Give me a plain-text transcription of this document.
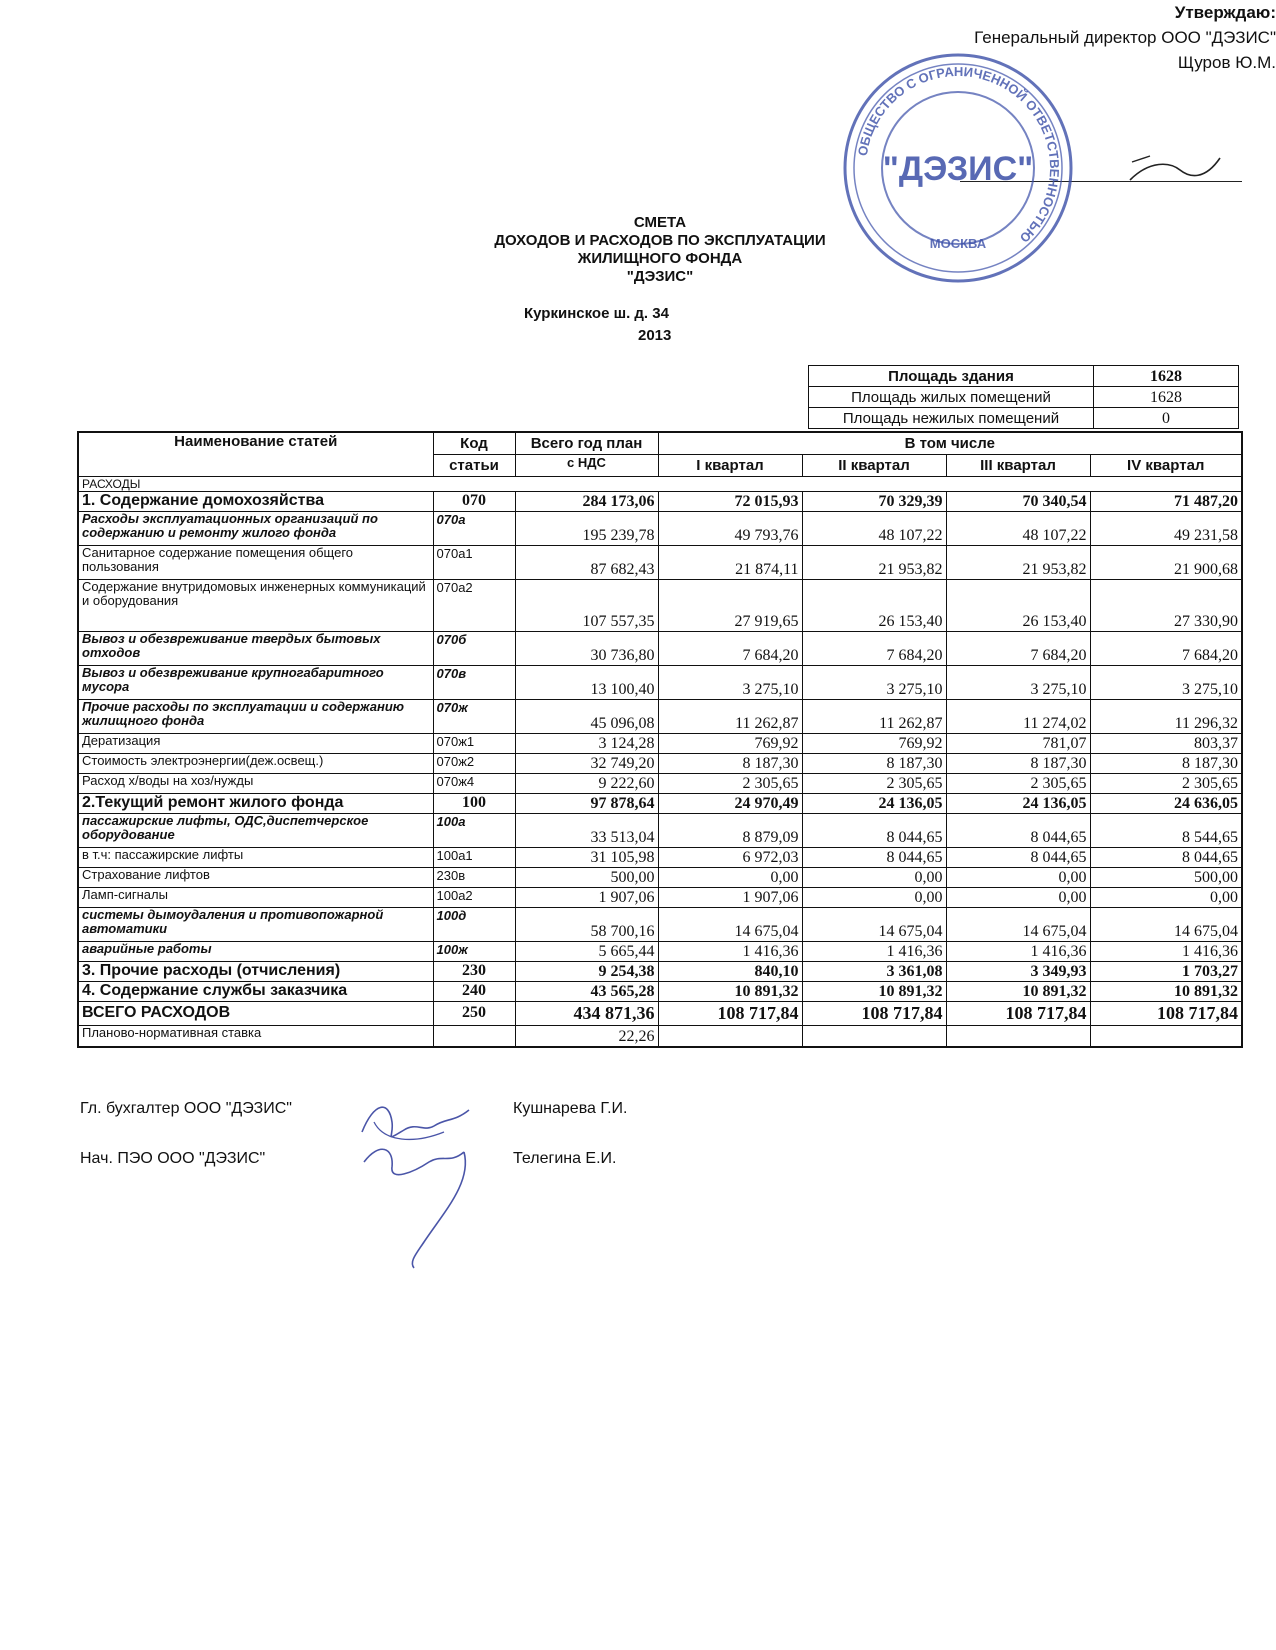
Утверждаю:
Генеральный директор ООО "ДЭЗИС"
Щуров Ю.М.
ОБЩЕСТВО С ОГРАНИЧЕННОЙ ОТВЕТСТВЕННОСТЬЮ
"ДЭЗИС"
МОСКВА
СМЕТА
ДОХОДОВ И РАСХОДОВ ПО ЭКСПЛУАТАЦИИ
ЖИЛИЩНОГО ФОНДА
"ДЭЗИС"
Куркинское ш. д. 34
2013
Площадь здания	1628
Площадь жилых помещений	1628
Площадь нежилых помещений	0
Наименование статей	Код	Всего год план	В том числе			
	статьи	с НДС	I квартал	II квартал	III квартал	IV квартал
РАСХОДЫ						
1. Содержание домохозяйства	070	284 173,06	72 015,93	70 329,39	70 340,54	71 487,20
Расходы эксплуатационных организаций по содержанию и ремонту жилого фонда	070а	195 239,78	49 793,76	48 107,22	48 107,22	49 231,58
Санитарное содержание помещения общего пользования	070а1	87 682,43	21 874,11	21 953,82	21 953,82	21 900,68
Содержание внутридомовых инженерных коммуникаций и оборудования	070а2	107 557,35	27 919,65	26 153,40	26 153,40	27 330,90
Вывоз и обезвреживание твердых бытовых отходов	070б	30 736,80	7 684,20	7 684,20	7 684,20	7 684,20
Вывоз и обезвреживание крупногабаритного мусора	070в	13 100,40	3 275,10	3 275,10	3 275,10	3 275,10
Прочие расходы по эксплуатации и содержанию жилищного фонда	070ж	45 096,08	11 262,87	11 262,87	11 274,02	11 296,32
Дератизация	070ж1	3 124,28	769,92	769,92	781,07	803,37
Стоимость электроэнергии(деж.освещ.)	070ж2	32 749,20	8 187,30	8 187,30	8 187,30	8 187,30
Расход х/воды на хоз/нужды	070ж4	9 222,60	2 305,65	2 305,65	2 305,65	2 305,65
2.Текущий ремонт жилого фонда	100	97 878,64	24 970,49	24 136,05	24 136,05	24 636,05
пассажирские лифты, ОДС,диспетчерское оборудование	100а	33 513,04	8 879,09	8 044,65	8 044,65	8 544,65
в т.ч: пассажирские лифты	100а1	31 105,98	6 972,03	8 044,65	8 044,65	8 044,65
Страхование лифтов	230в	500,00	0,00	0,00	0,00	500,00
Ламп-сигналы	100а2	1 907,06	1 907,06	0,00	0,00	0,00
системы дымоудаления и противопожарной автоматики	100д	58 700,16	14 675,04	14 675,04	14 675,04	14 675,04
аварийные работы	100ж	5 665,44	1 416,36	1 416,36	1 416,36	1 416,36
3. Прочие расходы (отчисления)	230	9 254,38	840,10	3 361,08	3 349,93	1 703,27
4. Содержание службы заказчика	240	43 565,28	10 891,32	10 891,32	10 891,32	10 891,32
ВСЕГО РАСХОДОВ	250	434 871,36	108 717,84	108 717,84	108 717,84	108 717,84
Планово-нормативная ставка		22,26				
Гл. бухгалтер ООО "ДЭЗИС"	Кушнарева Г.И.
Нач. ПЭО ООО "ДЭЗИС"	Телегина Е.И.
